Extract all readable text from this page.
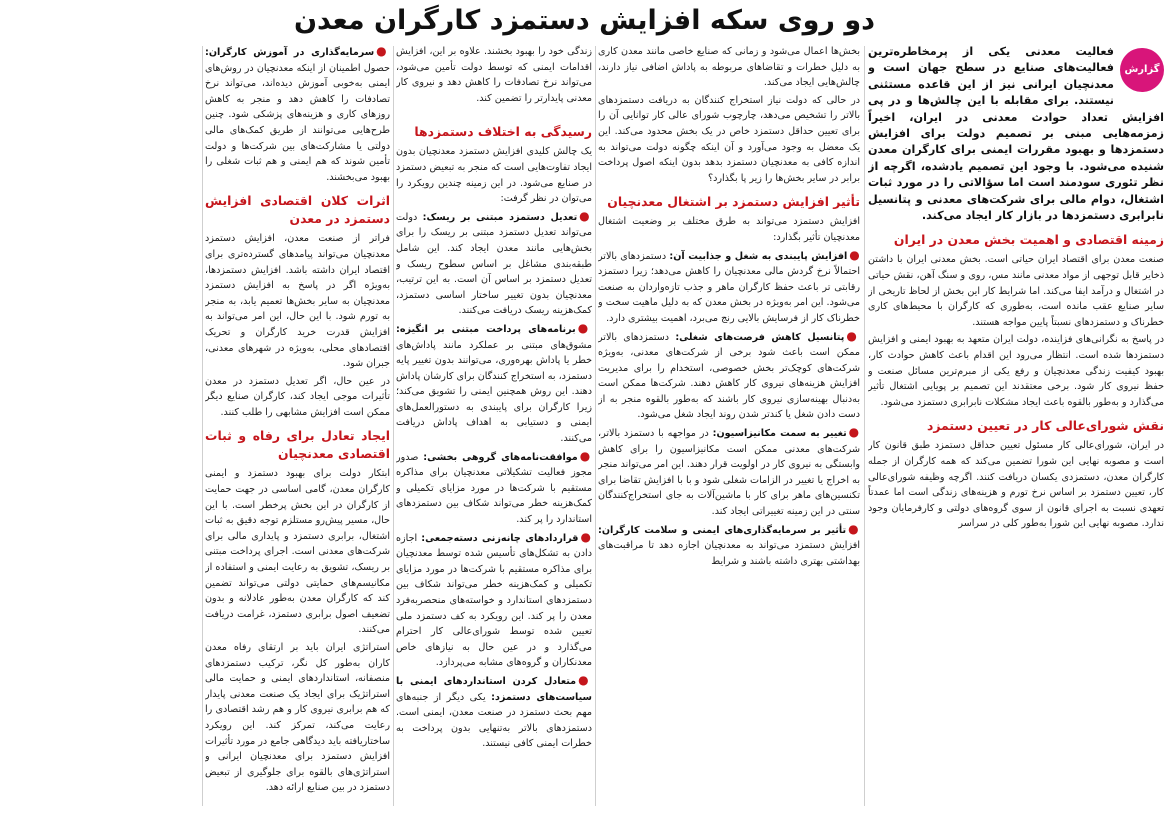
دو روی سکه افزایش دستمزد کارگران معدن
گزارش

فعالیت معدنی یکی از پرمخاطره‌ترین فعالیت‌های صنایع در سطح جهان است و معدنچیان ایرانی نیز از این قاعده مستثنی نیستند. برای مقابله با این چالش‌ها و در پی افزایش تعداد حوادث معدنی در ایران، اخیراً زمزمه‌هایی مبنی بر تصمیم دولت برای افزایش دستمزدها و بهبود مقررات ایمنی برای کارگران معدن شنیده می‌شود. با وجود این تصمیم یادشده، اگرچه از نظر تئوری سودمند است اما سؤالاتی را در مورد ثبات اشتغال، دوام مالی برای شرکت‌های معدنی و پتانسیل نابرابری دستمزدها در بازار کار ایجاد می‌کند.

زمینه اقتصادی و اهمیت بخش معدن در ایران

صنعت معدن برای اقتصاد ایران حیاتی است. بخش معدنی ایران با داشتن ذخایر قابل توجهی از مواد معدنی مانند مس، روی و سنگ آهن، نقش حیاتی در اشتغال و درآمد ایفا می‌کند. اما شرایط کار این بخش از لحاظ تاریخی از سایر صنایع عقب مانده است، به‌طوری که کارگران با محیط‌های کاری خطرناک و دستمزدهای نسبتاً پایین مواجه هستند.

در پاسخ به نگرانی‌های فزاینده، دولت ایران متعهد به بهبود ایمنی و افزایش دستمزدها شده است. انتظار می‌رود این اقدام باعث کاهش حوادث کار، بهبود کیفیت زندگی معدنچیان و رفع یکی از مبرم‌ترین مسائل صنعت و حفظ نیروی کار شود. برخی معتقدند این تصمیم بر پویایی اشتغال تأثیر می‌گذارد و به‌طور بالقوه باعث ایجاد مشکلات نابرابری دستمزد می‌شود.

نقش شورای‌عالی کار در تعیین دستمزد

در ایران، شورای‌عالی کار مسئول تعیین حداقل دستمزد طبق قانون کار است و مصوبه نهایی این شورا تضمین می‌کند که همه کارگران از جمله کارگران معدن، دستمزدی یکسان دریافت کنند. اگرچه وظیفه شورای‌عالی کار، تعیین دستمزد بر اساس نرخ تورم و هزینه‌های زندگی است اما عمدتاً تعهدی نسبت به اجرای قانون از سوی گروه‌های دولتی و کارفرمایان وجود ندارد. مصوبه نهایی این شورا به‌طور کلی در سراسر

بخش‌ها اعمال می‌شود و زمانی که صنایع خاصی مانند معدن کاری به دلیل خطرات و تقاضاهای مربوطه به پاداش اضافی نیاز دارند، چالش‌هایی ایجاد می‌کند.

در حالی که دولت نیاز استخراج کنندگان به دریافت دستمزدهای بالاتر را تشخیص می‌دهد، چارچوب شورای عالی کار توانایی آن را برای تعیین حداقل دستمزد خاص در یک بخش محدود می‌کند. این یک معضل به وجود می‌آورد و آن اینکه چگونه دولت می‌تواند به اندازه کافی به معدنچیان دستمزد بدهد بدون اینکه اصول پرداخت برابر در سایر بخش‌ها را زیر پا بگذارد؟

تأثیر افزایش دستمزد بر اشتغال معدنچیان

افزایش دستمزد می‌تواند به طرق مختلف بر وضعیت اشتغال معدنچیان تأثیر بگذارد:

●افزایش پایبندی به شغل و جذابیت آن: دستمزدهای بالاتر احتمالاً نرخ گردش مالی معدنچیان را کاهش می‌دهد؛ زیرا دستمزد رقابتی تر باعث حفظ کارگران ماهر و جذب تازه‌واردان به صنعت می‌شود. این امر به‌ویژه در بخش معدن که به دلیل ماهیت سخت و خطرناک کار از فرسایش بالایی رنج می‌برد، اهمیت بیشتری دارد.

●پتانسیل کاهش فرصت‌های شغلی: دستمزدهای بالاتر ممکن است باعث شود برخی از شرکت‌های معدنی، به‌ویژه شرکت‌های کوچک‌تر بخش خصوصی، استخدام را برای مدیریت افزایش هزینه‌های نیروی کار کاهش دهند. شرکت‌ها ممکن است به‌دنبال بهینه‌سازی نیروی کار باشند که به‌طور بالقوه منجر به از دست دادن شغل یا کندتر شدن روند ایجاد شغل می‌شود.

●تغییر به سمت مکانیزاسیون: در مواجهه با دستمزد بالاتر، شرکت‌های معدنی ممکن است مکانیزاسیون را برای کاهش وابستگی به نیروی کار در اولویت قرار دهند. این امر می‌تواند منجر به اخراج یا تغییر در الزامات شغلی شود و با با افزایش تقاضا برای تکنسین‌های ماهر برای کار با ماشین‌آلات به جای استخراج‌کنندگان سنتی در این زمینه تغییراتی ایجاد کند.

●تأثیر بر سرمایه‌گذاری‌های ایمنی و سلامت کارگران: افزایش دستمزد می‌تواند به معدنچیان اجازه دهد تا مراقبت‌های بهداشتی بهتری داشته باشند و شرایط

زندگی خود را بهبود بخشند. علاوه بر این، افزایش اقدامات ایمنی که توسط دولت تأمین می‌شود، می‌تواند نرخ تصادفات را کاهش دهد و نیروی کار معدنی پایدارتر را تضمین کند.

رسیدگی به اختلاف دستمزدها

یک چالش کلیدی افزایش دستمزد معدنچیان بدون ایجاد تفاوت‌هایی است که منجر به تبعیض دستمزد در صنایع می‌شود. در این زمینه چندین رویکرد را می‌توان در نظر گرفت:

●تعدیل دستمزد مبتنی بر ریسک: دولت می‌تواند تعدیل دستمزد مبتنی بر ریسک را برای بخش‌هایی مانند معدن ایجاد کند. این شامل طبقه‌بندی مشاغل بر اساس سطوح ریسک و تعدیل دستمزد بر اساس آن است. به این ترتیب، معدنچیان بدون تغییر ساختار اساسی دستمزد، کمک‌هزینه ریسک دریافت می‌کنند.

●برنامه‌های پرداخت مبتنی بر انگیزه: مشوق‌های مبتنی بر عملکرد مانند پاداش‌های خطر یا پاداش بهره‌وری، می‌توانند بدون تغییر پایه دستمزد، به استخراج کنندگان برای کارشان پاداش دهند. این روش همچنین ایمنی را تشویق می‌کند؛ زیرا کارگران برای پایبندی به دستورالعمل‌های ایمنی و دستیابی به اهداف پاداش دریافت می‌کنند.

●موافقت‌نامه‌های گروهی بخشی: صدور مجوز فعالیت تشکیلاتی معدنچیان برای مذاکره مستقیم با شرکت‌ها در مورد مزایای تکمیلی و کمک‌هزینه خطر می‌تواند شکاف بین دستمزدهای استاندارد را پر کند.

●قراردادهای چانه‌زنی دسته‌جمعی: اجازه دادن به تشکل‌های تأسیس شده توسط معدنچیان برای مذاکره مستقیم با شرکت‌ها در مورد مزایای تکمیلی و کمک‌هزینه خطر می‌تواند شکاف بین دستمزدهای استاندارد و خواسته‌های منحصربه‌فرد معدن را پر کند. این رویکرد به کف دستمزد ملی تعیین شده توسط شورای‌عالی کار احترام می‌گذارد و در عین حال به نیازهای خاص معدنکاران و گروه‌های مشابه می‌پردازد.

●متعادل کردن استانداردهای ایمنی با سیاست‌های دستمزد: یکی دیگر از جنبه‌های مهم بحث دستمزد در صنعت معدن، ایمنی است. دستمزدهای بالاتر به‌تنهایی بدون پرداخت به خطرات ایمنی کافی نیستند.

●سرمایه‌گذاری در آموزش کارگران: حصول اطمینان از اینکه معدنچیان در روش‌های ایمنی به‌خوبی آموزش دیده‌اند، می‌تواند نرخ تصادفات را کاهش دهد و منجر به کاهش روزهای کاری و هزینه‌های پزشکی شود. چنین طرح‌هایی می‌توانند از طریق کمک‌های مالی دولتی یا مشارکت‌های بین شرکت‌ها و دولت تأمین شوند که هم ایمنی و هم ثبات شغلی را بهبود می‌بخشند.

اثرات کلان اقتصادی افزایش دستمزد در معدن

فراتر از صنعت معدن، افزایش دستمزد معدنچیان می‌تواند پیامدهای گسترده‌تری برای اقتصاد ایران داشته باشد. افزایش دستمزدها، به‌ویژه اگر در پاسخ به افزایش دستمزد معدنچیان به سایر بخش‌ها تعمیم یابد، به منجر به تورم شود. با این حال، این امر می‌تواند به افزایش قدرت خرید کارگران و تحریک اقتصادهای محلی، به‌ویژه در شهرهای معدنی، جبران شود.

در عین حال، اگر تعدیل دستمزد در معدن تأثیرات موجی ایجاد کند، کارگران صنایع دیگر ممکن است افزایش مشابهی را طلب کنند.

ایجاد تعادل برای رفاه و ثبات اقتصادی معدنچیان

ابتکار دولت برای بهبود دستمزد و ایمنی کارگران معدن، گامی اساسی در جهت حمایت از کارگران در این بخش پرخطر است. با این حال، مسیر پیش‌رو مستلزم توجه دقیق به ثبات اشتغال، برابری دستمزد و پایداری مالی برای شرکت‌های معدنی است. اجرای پرداخت مبتنی بر ریسک، تشویق به رعایت ایمنی و استفاده از مکانیسم‌های حمایتی دولتی می‌تواند تضمین کند که کارگران معدن به‌طور عادلانه و بدون تضعیف اصول برابری دستمزد، غرامت دریافت می‌کنند.

استراتژی ایران باید بر ارتقای رفاه معدن کاران به‌طور کل نگر، ترکیب دستمزدهای منصفانه، استانداردهای ایمنی و حمایت مالی استراتژیک برای ایجاد یک صنعت معدنی پایدار که هم برابری نیروی کار و هم رشد اقتصادی را رعایت می‌کند، تمرکز کند. این رویکرد ساختاریافته باید دیدگاهی جامع در مورد تأثیرات افزایش دستمزد برای معدنچیان ایرانی و استراتژی‌های بالقوه برای جلوگیری از تبعیض دستمزد در بین صنایع ارائه دهد.
